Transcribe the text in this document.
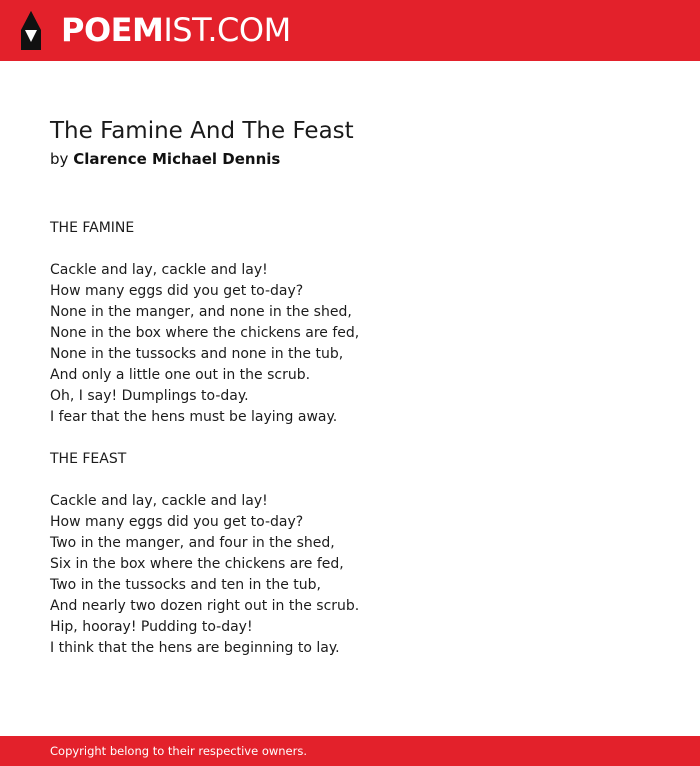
POEMIST.COM
The Famine And The Feast
by Clarence Michael Dennis
THE FAMINE
Cackle and lay, cackle and lay!
How many eggs did you get to-day?
None in the manger, and none in the shed,
None in the box where the chickens are fed,
None in the tussocks and none in the tub,
And only a little one out in the scrub.
Oh, I say! Dumplings to-day.
I fear that the hens must be laying away.
THE FEAST
Cackle and lay, cackle and lay!
How many eggs did you get to-day?
Two in the manger, and four in the shed,
Six in the box where the chickens are fed,
Two in the tussocks and ten in the tub,
And nearly two dozen right out in the scrub.
Hip, hooray! Pudding to-day!
I think that the hens are beginning to lay.
Copyright belong to their respective owners.
